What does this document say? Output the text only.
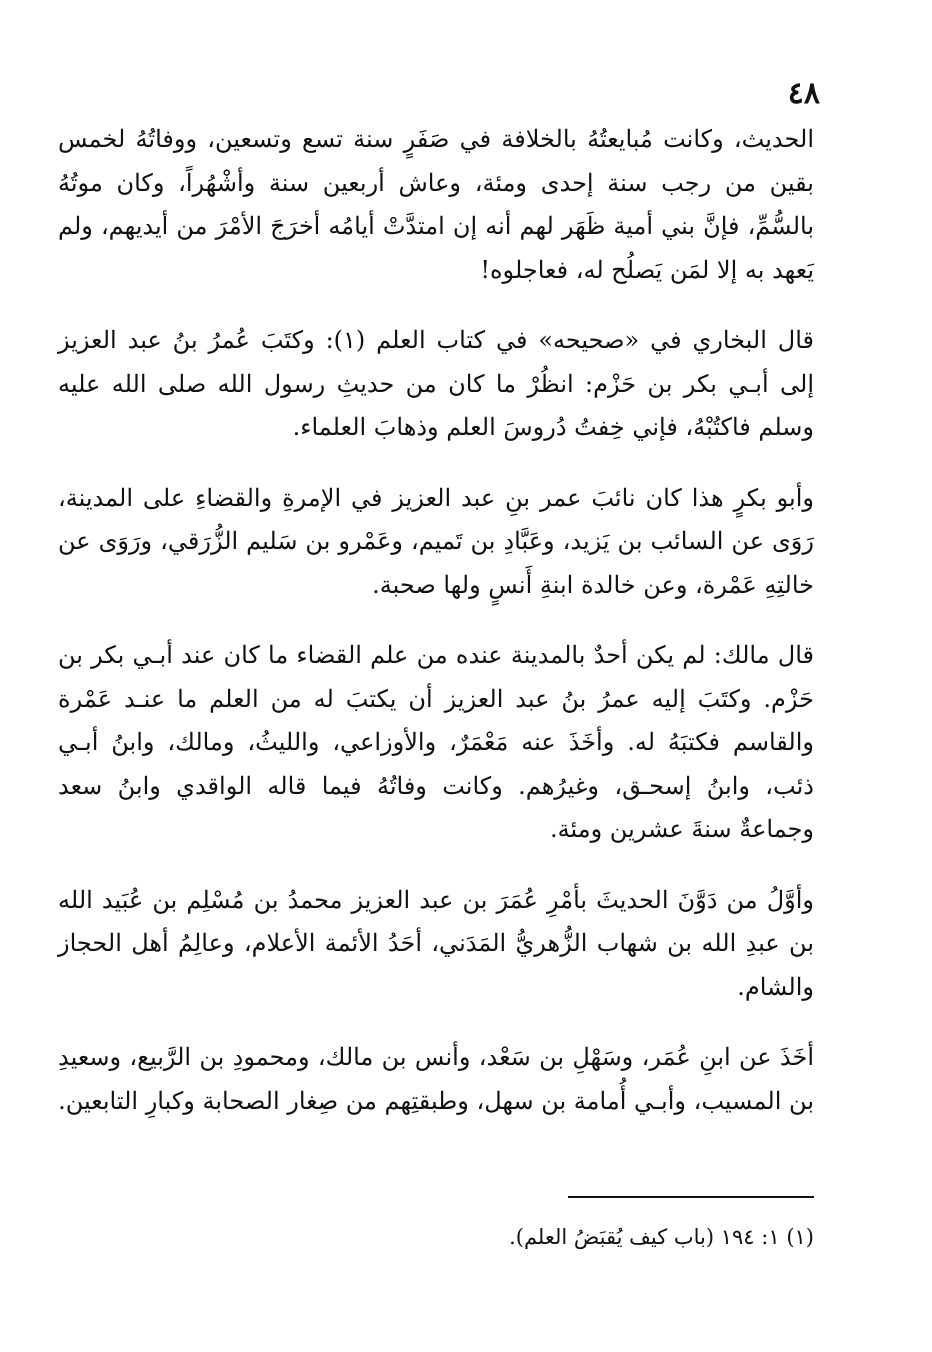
٤٨

الحديث، وكانت مُبايعتُهُ بالخلافة في صَفَرٍ سنة تسع وتسعين، ووفاتُهُ لخمس بقين من رجب سنة إحدى ومئة، وعاش أربعين سنة وأشْهُراً، وكان موتُهُ بالسُّمِّ، فإنَّ بني أمية ظَهَر لهم أنه إن امتدَّتْ أيامُه أخرَجَ الأمْرَ من أيديهم، ولم يَعهد به إلا لمَن يَصلُح له، فعاجلوه!

قال البخاري في «صحيحه» في كتاب العلم (١): وكتَبَ عُمرُ بنُ عبد العزيز إلى أبـي بكر بن حَزْم: انظُرْ ما كان من حديثِ رسول الله صلى الله عليه وسلم فاكتُبْهُ، فإني خِفتُ دُروسَ العلم وذهابَ العلماء.

وأبو بكرٍ هذا كان نائبَ عمر بنِ عبد العزيز في الإمرةِ والقضاءِ على المدينة، رَوَى عن السائب بن يَزيد، وعَبَّادِ بن تَميم، وعَمْرو بن سَليم الزُّرَقي، ورَوَى عن خالتِهِ عَمْرة، وعن خالدة ابنةِ أَنسٍ ولها صحبة.

قال مالك: لم يكن أحدٌ بالمدينة عنده من علم القضاء ما كان عند أبـي بكر بن حَزْم. وكتَبَ إليه عمرُ بنُ عبد العزيز أن يكتبَ له من العلم ما عنـد عَمْرة والقاسم فكتبَهُ له. وأخَذَ عنه مَعْمَرٌ، والأوزاعي، والليثُ، ومالك، وابنُ أبـي ذئب، وابنُ إسحـق، وغيرُهم. وكانت وفاتُهُ فيما قاله الواقدي وابنُ سعد وجماعةٌ سنةَ عشرين ومئة.

وأوَّلُ من دَوَّنَ الحديثَ بأمْرِ عُمَرَ بن عبد العزيز محمدُ بن مُسْلِم بن عُبَيد الله بن عبدِ الله بن شهاب الزُّهريُّ المَدَني، أحَدُ الأئمة الأعلام، وعالِمُ أهل الحجاز والشام.

أخَذَ عن ابنِ عُمَر، وسَهْلِ بن سَعْد، وأنس بن مالك، ومحمودِ بن الرَّبيع، وسعيدِ بن المسيب، وأبـي أُمامة بن سهل، وطبقتِهم من صِغار الصحابة وكبارِ التابعين.

(١) ١: ١٩٤ (باب كيف يُقبَضُ العلم).
